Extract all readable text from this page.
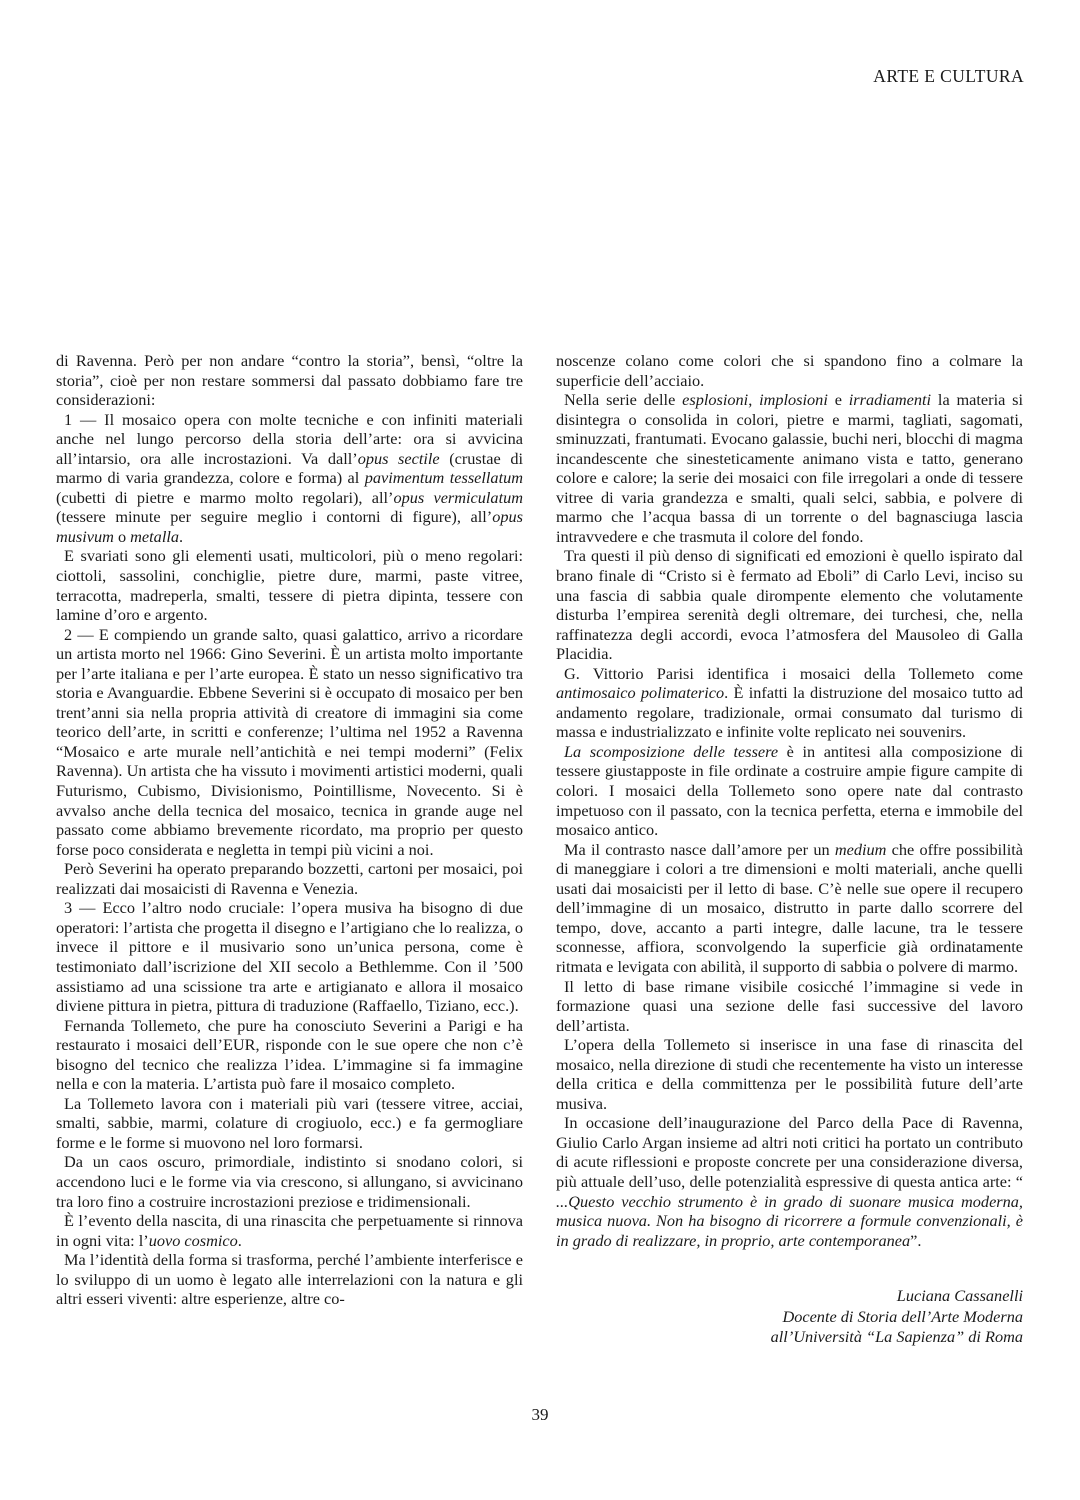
ARTE E CULTURA

di Ravenna. Però per non andare “contro la storia”, bensì, “oltre la storia”, cioè per non restare sommersi dal passato dobbiamo fare tre considerazioni:

1 — Il mosaico opera con molte tecniche e con infiniti materiali anche nel lungo percorso della storia dell’arte: ora si avvicina all’intarsio, ora alle incrostazioni. Va dall’opus sectile (crustae di marmo di varia grandezza, colore e forma) al pavimentum tessellatum (cubetti di pietre e marmo molto regolari), all’opus vermiculatum (tessere minute per seguire meglio i contorni di figure), all’opus musivum o metalla.

E svariati sono gli elementi usati, multicolori, più o meno regolari: ciottoli, sassolini, conchiglie, pietre dure, marmi, paste vitree, terracotta, madreperla, smalti, tessere di pietra dipinta, tessere con lamine d’oro e argento.

2 — E compiendo un grande salto, quasi galattico, arrivo a ricordare un artista morto nel 1966: Gino Severini. È un artista molto importante per l’arte italiana e per l’arte europea. È stato un nesso significativo tra storia e Avanguardie. Ebbene Severini si è occupato di mosaico per ben trent’anni sia nella propria attività di creatore di immagini sia come teorico dell’arte, in scritti e conferenze; l’ultima nel 1952 a Ravenna “Mosaico e arte murale nell’antichità e nei tempi moderni” (Felix Ravenna). Un artista che ha vissuto i movimenti artistici moderni, quali Futurismo, Cubismo, Divisionismo, Pointillisme, Novecento. Si è avvalso anche della tecnica del mosaico, tecnica in grande auge nel passato come abbiamo brevemente ricordato, ma proprio per questo forse poco considerata e negletta in tempi più vicini a noi.

Però Severini ha operato preparando bozzetti, cartoni per mosaici, poi realizzati dai mosaicisti di Ravenna e Venezia.

3 — Ecco l’altro nodo cruciale: l’opera musiva ha bisogno di due operatori: l’artista che progetta il disegno e l’artigiano che lo realizza, o invece il pittore e il musivario sono un’unica persona, come è testimoniato dall’iscrizione del XII secolo a Bethlemme. Con il ’500 assistiamo ad una scissione tra arte e artigianato e allora il mosaico diviene pittura in pietra, pittura di traduzione (Raffaello, Tiziano, ecc.).

Fernanda Tollemeto, che pure ha conosciuto Severini a Parigi e ha restaurato i mosaici dell’EUR, risponde con le sue opere che non c’è bisogno del tecnico che realizza l’idea. L’immagine si fa immagine nella e con la materia. L’artista può fare il mosaico completo.

La Tollemeto lavora con i materiali più vari (tessere vitree, acciai, smalti, sabbie, marmi, colature di crogiuolo, ecc.) e fa germogliare forme e le forme si muovono nel loro formarsi.

Da un caos oscuro, primordiale, indistinto si snodano colori, si accendono luci e le forme via via crescono, si allungano, si avvicinano tra loro fino a costruire incrostazioni preziose e tridimensionali.

È l’evento della nascita, di una rinascita che perpetuamente si rinnova in ogni vita: l’uovo cosmico.

Ma l’identità della forma si trasforma, perché l’ambiente interferisce e lo sviluppo di un uomo è legato alle interrelazioni con la natura e gli altri esseri viventi: altre esperienze, altre co-

noscenze colano come colori che si spandono fino a colmare la superficie dell’acciaio.

Nella serie delle esplosioni, implosioni e irradiamenti la materia si disintegra o consolida in colori, pietre e marmi, tagliati, sagomati, sminuzzati, frantumati. Evocano galassie, buchi neri, blocchi di magma incandescente che sinesteticamente animano vista e tatto, generano colore e calore; la serie dei mosaici con file irregolari a onde di tessere vitree di varia grandezza e smalti, quali selci, sabbia, e polvere di marmo che l’acqua bassa di un torrente o del bagnasciuga lascia intravvedere e che trasmuta il colore del fondo.

Tra questi il più denso di significati ed emozioni è quello ispirato dal brano finale di “Cristo si è fermato ad Eboli” di Carlo Levi, inciso su una fascia di sabbia quale dirompente elemento che volutamente disturba l’empirea serenità degli oltremare, dei turchesi, che, nella raffinatezza degli accordi, evoca l’atmosfera del Mausoleo di Galla Placidia.

G. Vittorio Parisi identifica i mosaici della Tollemeto come antimosaico polimaterico. È infatti la distruzione del mosaico tutto ad andamento regolare, tradizionale, ormai consumato dal turismo di massa e industrializzato e infinite volte replicato nei souvenirs.

La scomposizione delle tessere è in antitesi alla composizione di tessere giustapposte in file ordinate a costruire ampie figure campite di colori. I mosaici della Tollemeto sono opere nate dal contrasto impetuoso con il passato, con la tecnica perfetta, eterna e immobile del mosaico antico.

Ma il contrasto nasce dall’amore per un medium che offre possibilità di maneggiare i colori a tre dimensioni e molti materiali, anche quelli usati dai mosaicisti per il letto di base. C’è nelle sue opere il recupero dell’immagine di un mosaico, distrutto in parte dallo scorrere del tempo, dove, accanto a parti integre, dalle lacune, tra le tessere sconnesse, affiora, sconvolgendo la superficie già ordinatamente ritmata e levigata con abilità, il supporto di sabbia o polvere di marmo.

Il letto di base rimane visibile cosicché l’immagine si vede in formazione quasi una sezione delle fasi successive del lavoro dell’artista.

L’opera della Tollemeto si inserisce in una fase di rinascita del mosaico, nella direzione di studi che recentemente ha visto un interesse della critica e della committenza per le possibilità future dell’arte musiva.

In occasione dell’inaugurazione del Parco della Pace di Ravenna, Giulio Carlo Argan insieme ad altri noti critici ha portato un contributo di acute riflessioni e proposte concrete per una considerazione diversa, più attuale dell’uso, delle potenzialità espressive di questa antica arte: “ ...Questo vecchio strumento è in grado di suonare musica moderna, musica nuova. Non ha bisogno di ricorrere a formule convenzionali, è in grado di realizzare, in proprio, arte contemporanea”.

Luciana Cassanelli
Docente di Storia dell’Arte Moderna
all’Università “La Sapienza” di Roma
39
